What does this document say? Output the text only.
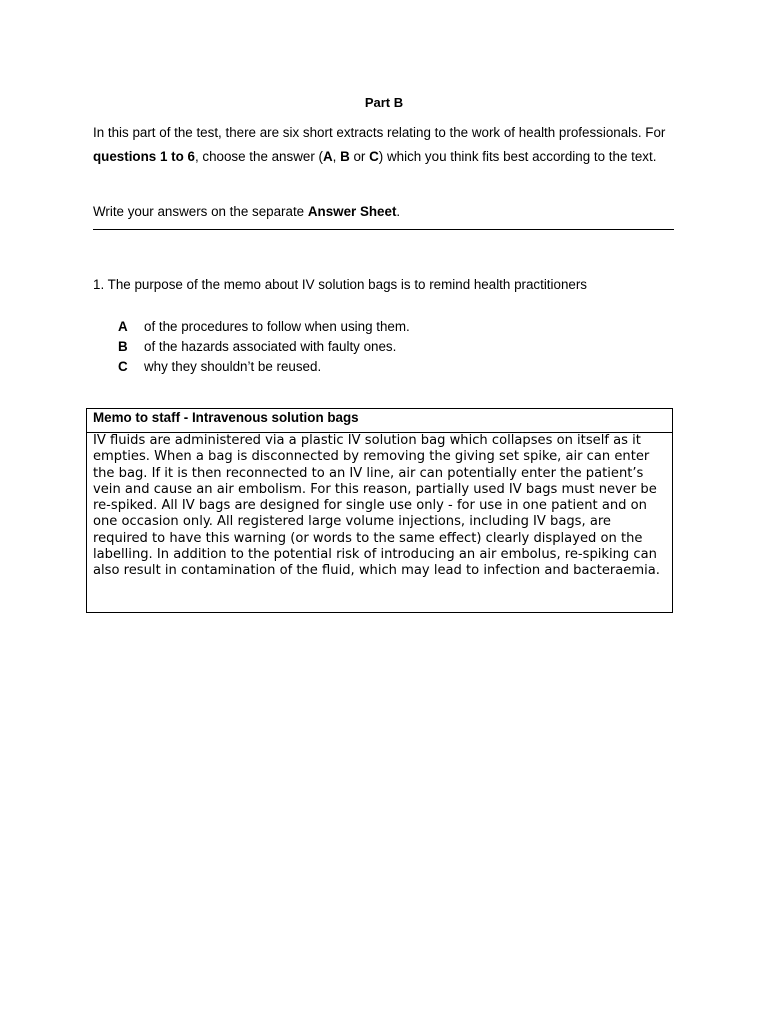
Part B

In this part of the test, there are six short extracts relating to the work of health professionals. For questions 1 to 6, choose the answer (A, B or C) which you think fits best according to the text.

Write your answers on the separate Answer Sheet.

1. The purpose of the memo about IV solution bags is to remind health practitioners
A	of the procedures to follow when using them.
B	of the hazards associated with faulty ones.
C	why they shouldn’t be reused.
Memo to staff - Intravenous solution bags

IV fluids are administered via a plastic IV solution bag which collapses on itself as it empties. When a bag is disconnected by removing the giving set spike, air can enter the bag. If it is then reconnected to an IV line, air can potentially enter the patient’s vein and cause an air embolism. For this reason, partially used IV bags must never be re-spiked. All IV bags are designed for single use only - for use in one patient and on one occasion only. All registered large volume injections, including IV bags, are required to have this warning (or words to the same effect) clearly displayed on the labelling. In addition to the potential risk of introducing an air embolus, re-spiking can also result in contamination of the fluid, which may lead to infection and bacteraemia.
